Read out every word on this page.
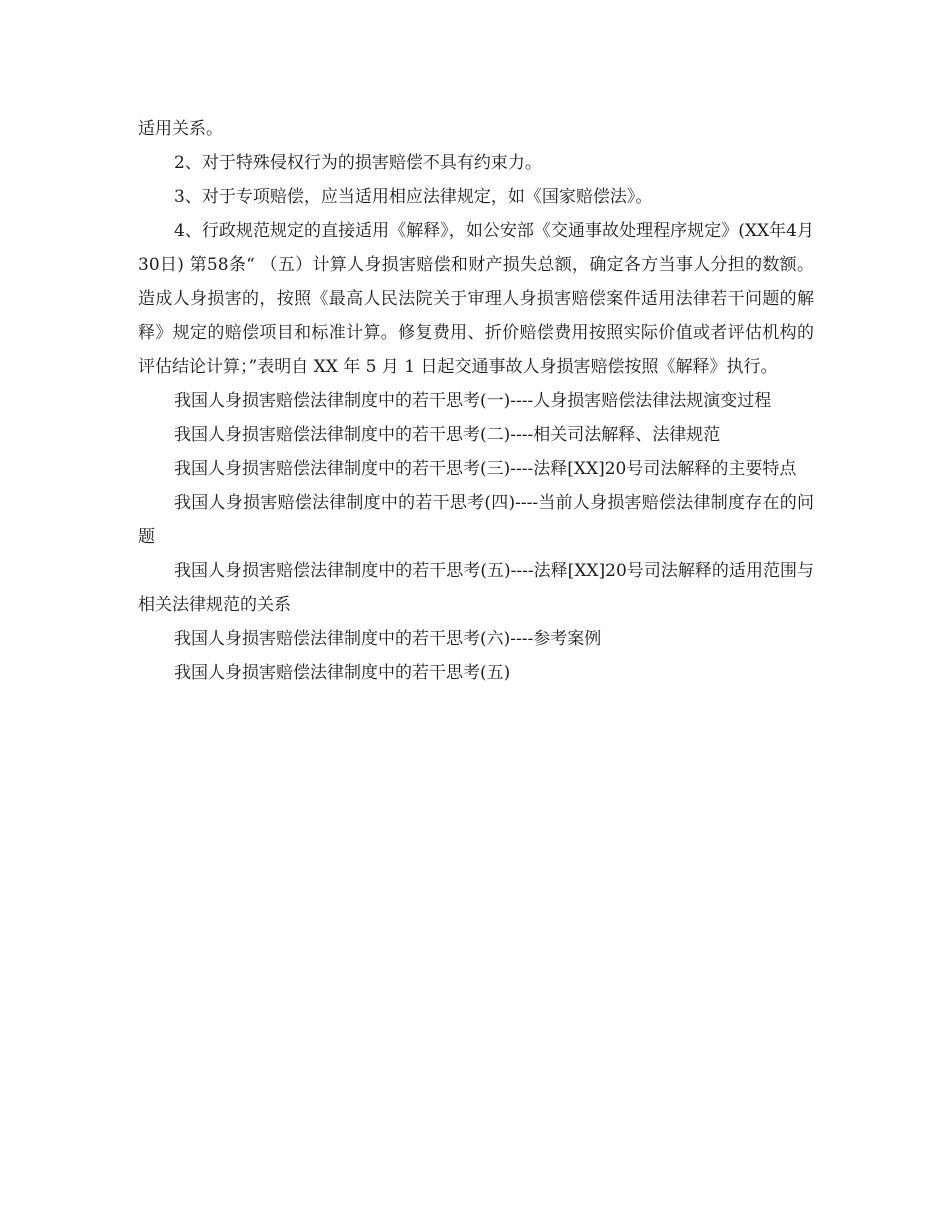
适用关系。

2、对于特殊侵权行为的损害赔偿不具有约束力。

3、对于专项赔偿，应当适用相应法律规定，如《国家赔偿法》。

4、行政规范规定的直接适用《解释》，如公安部《交通事故处理程序规定》(XX年4月30日) 第58条“ （五）计算人身损害赔偿和财产损失总额，确定各方当事人分担的数额。造成人身损害的，按照《最高人民法院关于审理人身损害赔偿案件适用法律若干问题的解释》规定的赔偿项目和标准计算。修复费用、折价赔偿费用按照实际价值或者评估机构的评估结论计算；”表明自 XX 年 5 月 1 日起交通事故人身损害赔偿按照《解释》执行。

我国人身损害赔偿法律制度中的若干思考(一)----人身损害赔偿法律法规演变过程

我国人身损害赔偿法律制度中的若干思考(二)----相关司法解释、法律规范

我国人身损害赔偿法律制度中的若干思考(三)----法释[XX]20号司法解释的主要特点

我国人身损害赔偿法律制度中的若干思考(四)----当前人身损害赔偿法律制度存在的问题

我国人身损害赔偿法律制度中的若干思考(五)----法释[XX]20号司法解释的适用范围与相关法律规范的关系

我国人身损害赔偿法律制度中的若干思考(六)----参考案例

我国人身损害赔偿法律制度中的若干思考(五)
